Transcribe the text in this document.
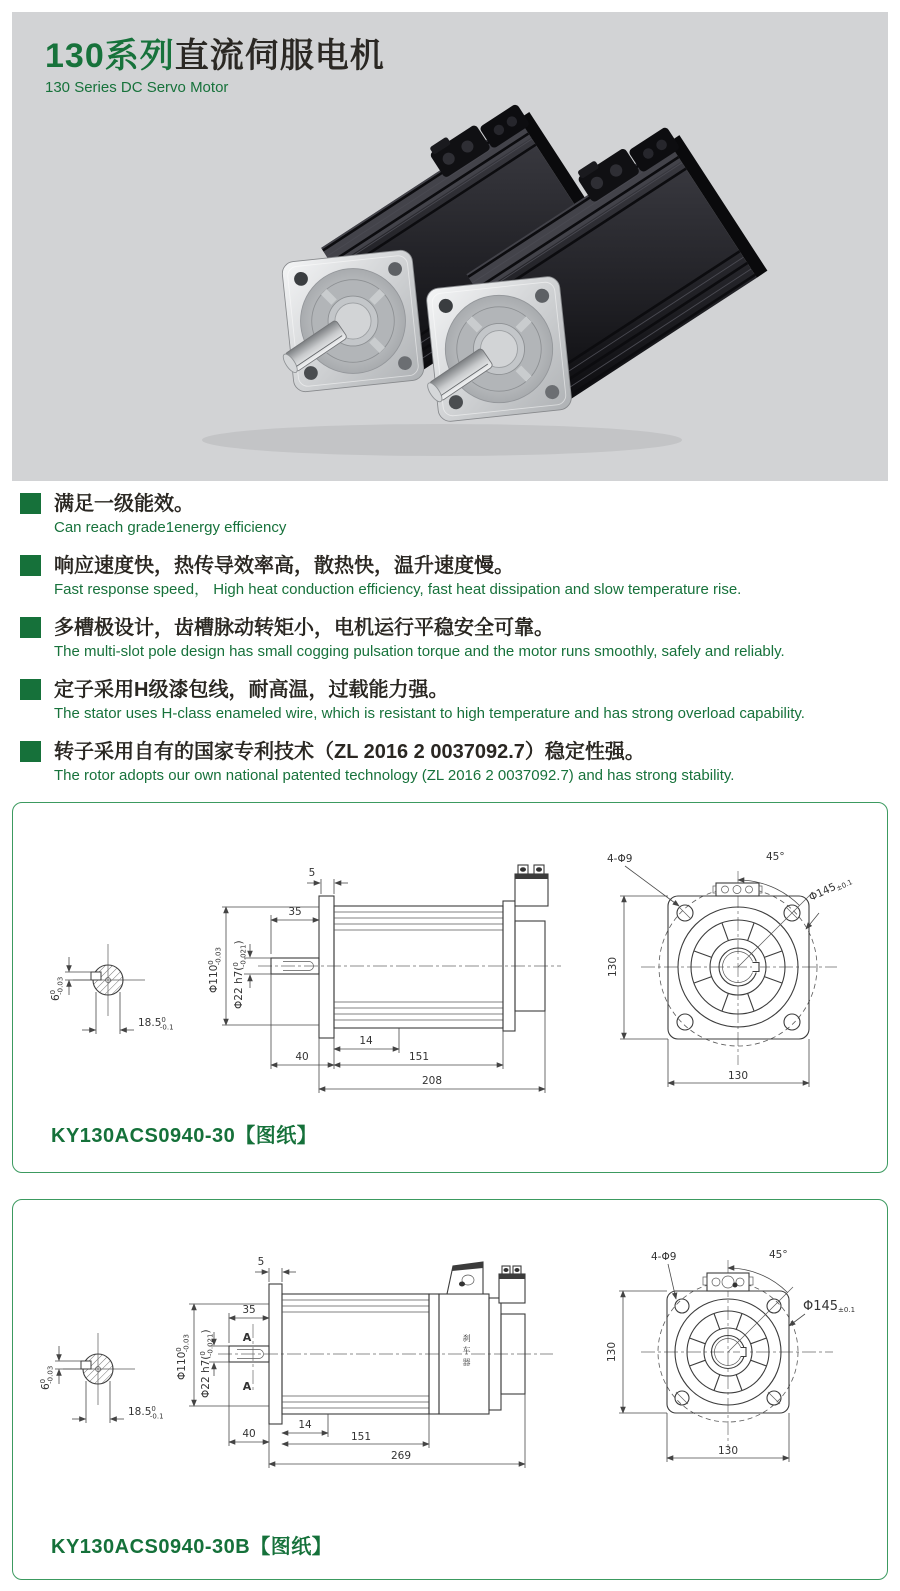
130系列直流伺服电机
130 Series DC Servo Motor
满足一级能效。
Can reach grade1energy efficiency
响应速度快，热传导效率高，散热快，温升速度慢。
Fast response speed， High heat conduction efficiency, fast heat dissipation and slow temperature rise.
多槽极设计，齿槽脉动转矩小，电机运行平稳安全可靠。
The multi-slot pole design has small cogging pulsation torque and the motor runs smoothly, safely and reliably.
定子采用H级漆包线，耐高温，过载能力强。
The stator uses H-class enameled wire, which is resistant to high temperature and has strong overload capability.
转子采用自有的国家专利技术（ZL 2016 2 0037092.7）稳定性强。
The rotor adopts our own national patented technology (ZL 2016 2 0037092.7) and has strong stability.
$6^0-0.03$
18.5$^0$ -0.1
5
35
$\Phi 110^0-0.03$
Φ22 h7($^0$-0.021)
40
14
151
208
4-Φ9	45°
Φ145±0.1
130
130
KY130ACS0940-30【图纸】
$6^0-0.03$
18.5$^0$ -0.1
A
A
5
35
$\Phi 110^0-0.03$
Φ22 h7($^0$-0.021)
40
14
151
269
4-Φ9	45°
Φ145±0.1
130
130
刹车器
KY130ACS0940-30B【图纸】
